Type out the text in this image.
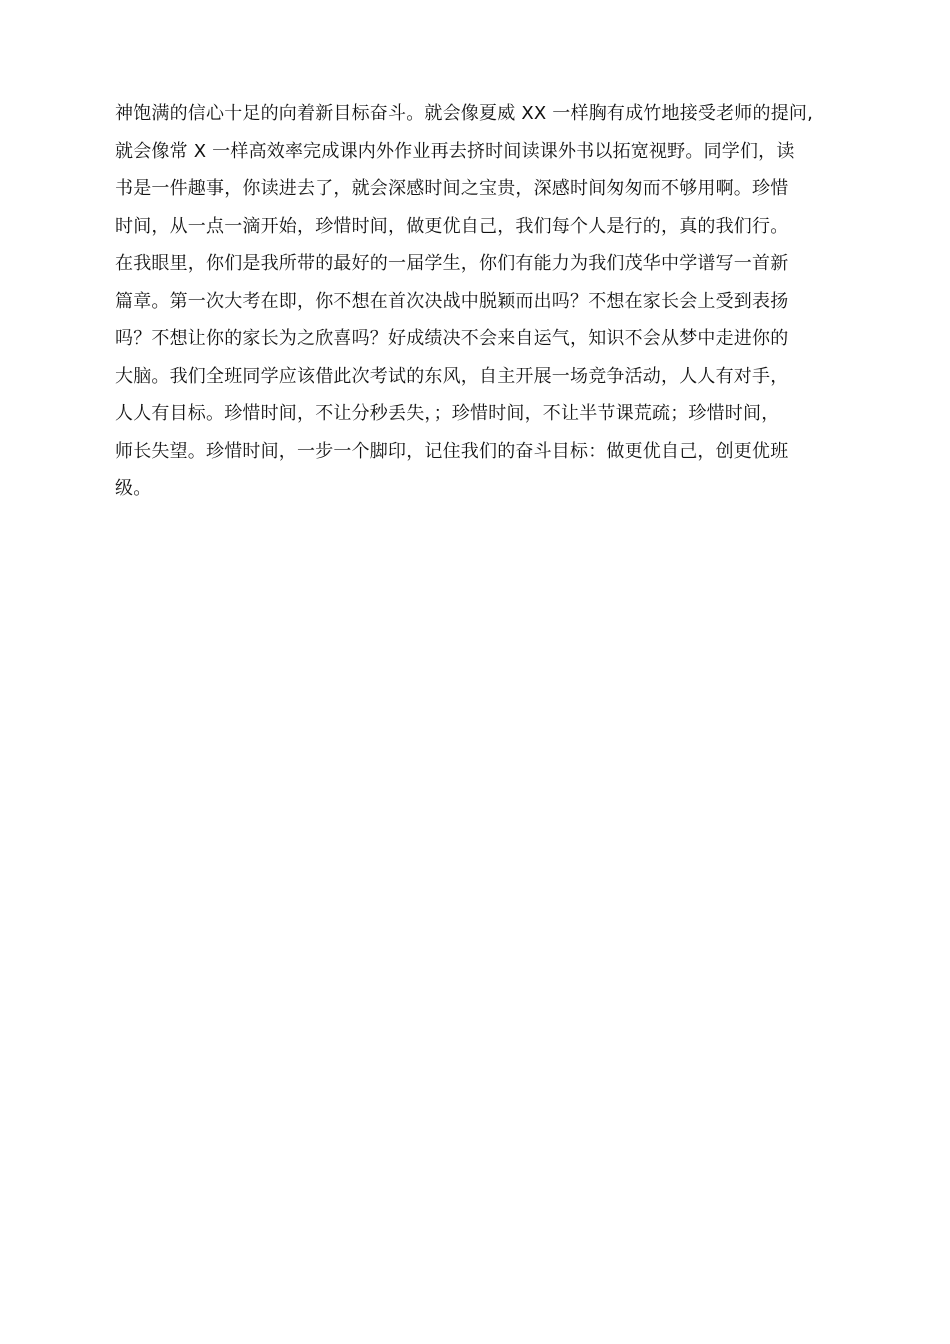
神饱满的信心十足的向着新目标奋斗。就会像夏威 XX 一样胸有成竹地接受老师的提问,
就会像常 X 一样高效率完成课内外作业再去挤时间读课外书以拓宽视野。同学们，读
书是一件趣事，你读进去了，就会深感时间之宝贵，深感时间匆匆而不够用啊。珍惜
时间，从一点一滴开始，珍惜时间，做更优自己，我们每个人是行的，真的我们行。
在我眼里，你们是我所带的最好的一届学生，你们有能力为我们茂华中学谱写一首新
篇章。第一次大考在即，你不想在首次决战中脱颖而出吗？不想在家长会上受到表扬
吗？不想让你的家长为之欣喜吗？好成绩决不会来自运气，知识不会从梦中走进你的
大脑。我们全班同学应该借此次考试的东风，自主开展一场竞争活动，人人有对手，
人人有目标。珍惜时间，不让分秒丢失，；珍惜时间，不让半节课荒疏；珍惜时间，
师长失望。珍惜时间，一步一个脚印，记住我们的奋斗目标：做更优自己，创更优班
级。
